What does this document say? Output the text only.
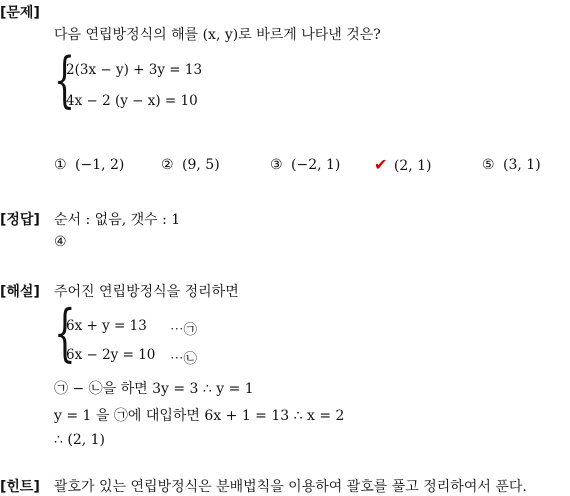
[문제]
[정답]
[해설]
[힌트]
다음 연립방정식의 해를 (x, y)로 바르게 나타낸 것은?
{
2(3x − y) + 3y = 13
4x − 2 (y − x) = 10
① (−1, 2)	② (9, 5)	③ (−2, 1) ✔ (2, 1)	⑤ (3, 1)
순서 : 없음, 갯수 : 1
④
주어진 연립방정식을 정리하면
{
6x + y = 13 ⋯㉠
6x − 2y = 10 ⋯㉡
㉠ − ㉡을 하면 3y = 3 ∴ y = 1
y = 1 을 ㉠에 대입하면 6x + 1 = 13 ∴ x = 2
∴ (2, 1)
괄호가 있는 연립방정식은 분배법칙을 이용하여 괄호를 풀고 정리하여서 푼다.
